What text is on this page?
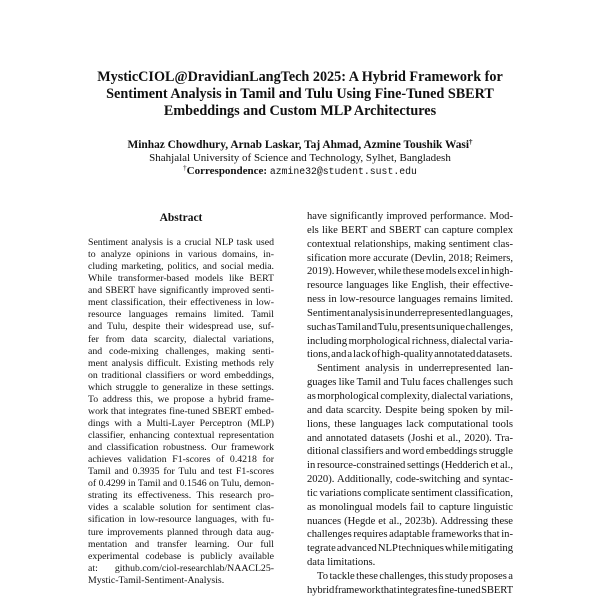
MysticCIOL@DravidianLangTech 2025: A Hybrid Framework for
Sentiment Analysis in Tamil and Tulu Using Fine-Tuned SBERT
Embeddings and Custom MLP Architectures
Minhaz Chowdhury, Arnab Laskar, Taj Ahmad, Azmine Toushik Wasi†
Shahjalal University of Science and Technology, Sylhet, Bangladesh
†Correspondence: azmine32@student.sust.edu
Abstract
Sentiment analysis is a crucial NLP task used
to analyze opinions in various domains, in-
cluding marketing, politics, and social media.
While transformer-based models like BERT
and SBERT have significantly improved senti-
ment classification, their effectiveness in low-
resource languages remains limited. Tamil
and Tulu, despite their widespread use, suf-
fer from data scarcity, dialectal variations,
and code-mixing challenges, making senti-
ment analysis difficult. Existing methods rely
on traditional classifiers or word embeddings,
which struggle to generalize in these settings.
To address this, we propose a hybrid frame-
work that integrates fine-tuned SBERT embed-
dings with a Multi-Layer Perceptron (MLP)
classifier, enhancing contextual representation
and classification robustness. Our framework
achieves validation F1-scores of 0.4218 for
Tamil and 0.3935 for Tulu and test F1-scores
of 0.4299 in Tamil and 0.1546 on Tulu, demon-
strating its effectiveness. This research pro-
vides a scalable solution for sentiment clas-
sification in low-resource languages, with fu-
ture improvements planned through data aug-
mentation and transfer learning. Our full
experimental codebase is publicly available
at: github.com/ciol-researchlab/NAACL25-
Mystic-Tamil-Sentiment-Analysis.
have significantly improved performance. Mod-
els like BERT and SBERT can capture complex
contextual relationships, making sentiment clas-
sification more accurate (Devlin, 2018; Reimers,
2019). However, while these models excel in high-
resource languages like English, their effective-
ness in low-resource languages remains limited.
Sentiment analysis in underrepresented languages,
such as Tamil and Tulu, presents unique challenges,
including morphological richness, dialectal varia-
tions, and a lack of high-quality annotated datasets.
Sentiment analysis in underrepresented lan-
guages like Tamil and Tulu faces challenges such
as morphological complexity, dialectal variations,
and data scarcity. Despite being spoken by mil-
lions, these languages lack computational tools
and annotated datasets (Joshi et al., 2020). Tra-
ditional classifiers and word embeddings struggle
in resource-constrained settings (Hedderich et al.,
2020). Additionally, code-switching and syntac-
tic variations complicate sentiment classification,
as monolingual models fail to capture linguistic
nuances (Hegde et al., 2023b). Addressing these
challenges requires adaptable frameworks that in-
tegrate advanced NLP techniques while mitigating
data limitations.
To tackle these challenges, this study proposes a
hybrid framework that integrates fine-tuned SBERT
